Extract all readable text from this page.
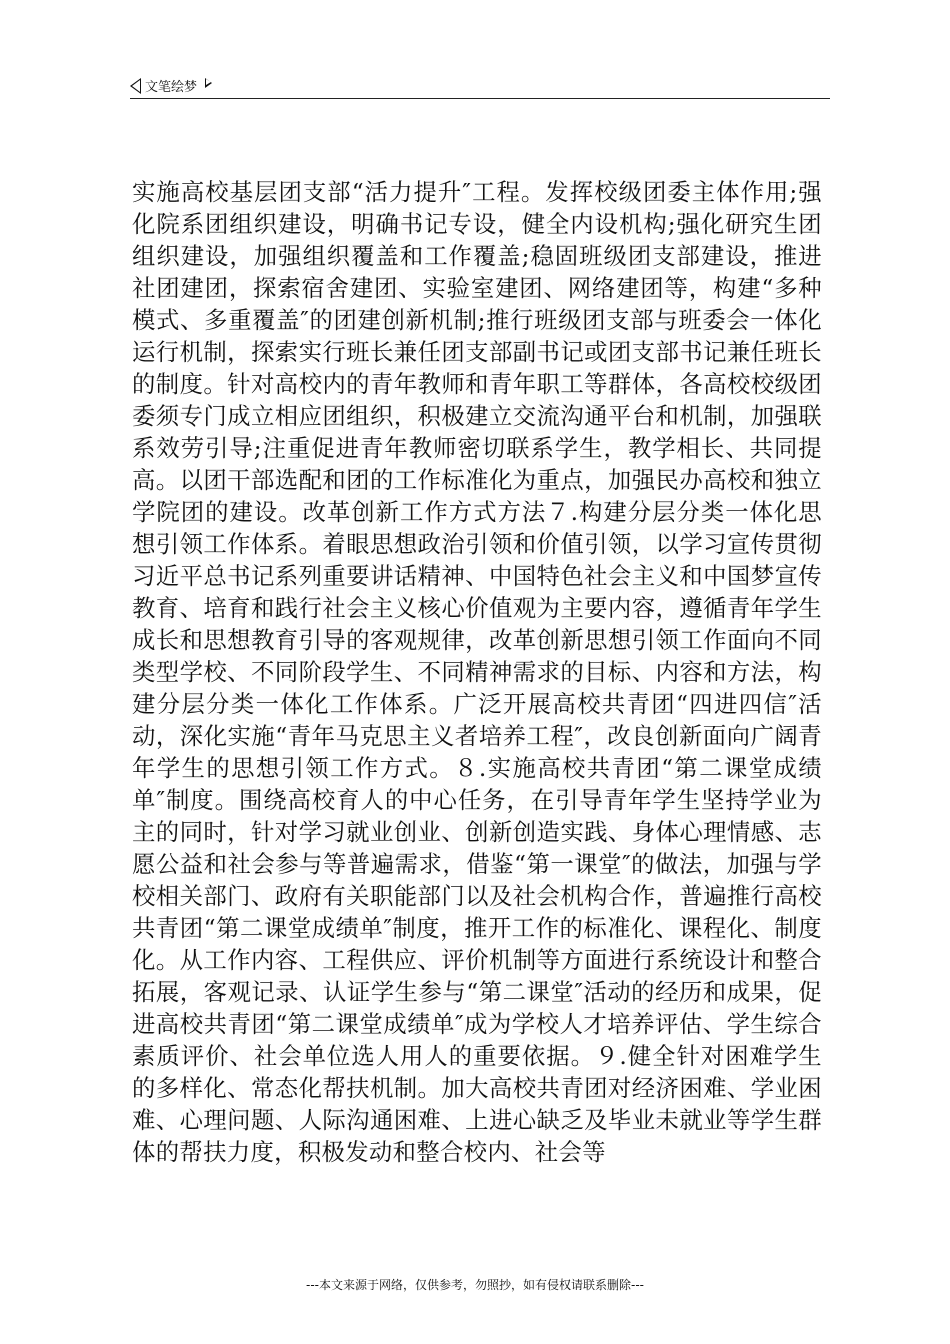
文笔绘梦

实施高校基层团支部“活力提升″工程。发挥校级团委主体作用;强化院系团组织建设，明确书记专设，健全内设机构;强化研究生团组织建设，加强组织覆盖和工作覆盖;稳固班级团支部建设，推进社团建团，探索宿舍建团、实验室建团、网络建团等，构建“多种模式、多重覆盖″的团建创新机制;推行班级团支部与班委会一体化运行机制，探索实行班长兼任团支部副书记或团支部书记兼任班长的制度。针对高校内的青年教师和青年职工等群体，各高校校级团委须专门成立相应团组织，积极建立交流沟通平台和机制，加强联系效劳引导;注重促进青年教师密切联系学生，教学相长、共同提高。以团干部选配和团的工作标准化为重点，加强民办高校和独立学院团的建设。改革创新工作方式方法７.构建分层分类一体化思想引领工作体系。着眼思想政治引领和价值引领，以学习宣传贯彻习近平总书记系列重要讲话精神、中国特色社会主义和中国梦宣传教育、培育和践行社会主义核心价值观为主要内容，遵循青年学生成长和思想教育引导的客观规律，改革创新思想引领工作面向不同类型学校、不同阶段学生、不同精神需求的目标、内容和方法，构建分层分类一体化工作体系。广泛开展高校共青团“四进四信″活动，深化实施“青年马克思主义者培养工程″，改良创新面向广阔青年学生的思想引领工作方式。８.实施高校共青团“第二课堂成绩单″制度。围绕高校育人的中心任务，在引导青年学生坚持学业为主的同时，针对学习就业创业、创新创造实践、身体心理情感、志愿公益和社会参与等普遍需求，借鉴“第一课堂″的做法，加强与学校相关部门、政府有关职能部门以及社会机构合作，普遍推行高校共青团“第二课堂成绩单″制度，推开工作的标准化、课程化、制度化。从工作内容、工程供应、评价机制等方面进行系统设计和整合拓展，客观记录、认证学生参与“第二课堂″活动的经历和成果，促进高校共青团“第二课堂成绩单″成为学校人才培养评估、学生综合素质评价、社会单位选人用人的重要依据。９.健全针对困难学生的多样化、常态化帮扶机制。加大高校共青团对经济困难、学业困难、心理问题、人际沟通困难、上进心缺乏及毕业未就业等学生群体的帮扶力度，积极发动和整合校内、社会等

---本文来源于网络，仅供参考，勿照抄，如有侵权请联系删除---
